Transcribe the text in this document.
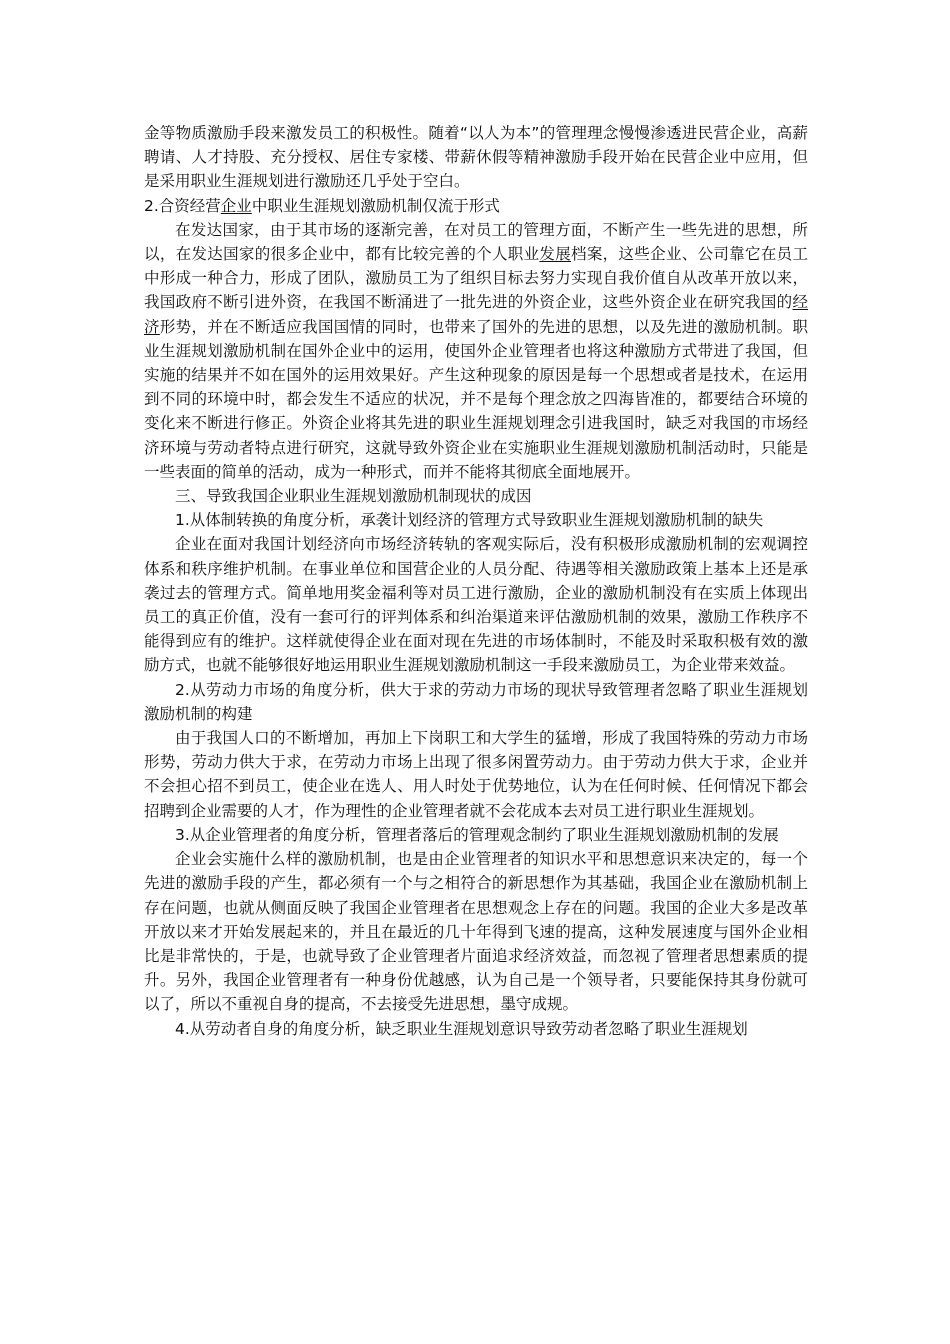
金等物质激励手段来激发员工的积极性。随着“以人为本”的管理理念慢慢渗透进民营企业，高薪聘请、人才持股、充分授权、居住专家楼、带薪休假等精神激励手段开始在民营企业中应用，但是采用职业生涯规划进行激励还几乎处于空白。

2.合资经营企业中职业生涯规划激励机制仅流于形式

在发达国家，由于其市场的逐渐完善，在对员工的管理方面，不断产生一些先进的思想，所以，在发达国家的很多企业中，都有比较完善的个人职业发展档案，这些企业、公司靠它在员工中形成一种合力，形成了团队，激励员工为了组织目标去努力实现自我价值自从改革开放以来，我国政府不断引进外资，在我国不断涌进了一批先进的外资企业，这些外资企业在研究我国的经济形势，并在不断适应我国国情的同时，也带来了国外的先进的思想，以及先进的激励机制。职业生涯规划激励机制在国外企业中的运用，使国外企业管理者也将这种激励方式带进了我国，但实施的结果并不如在国外的运用效果好。产生这种现象的原因是每一个思想或者是技术，在运用到不同的环境中时，都会发生不适应的状况，并不是每个理念放之四海皆准的，都要结合环境的变化来不断进行修正。外资企业将其先进的职业生涯规划理念引进我国时，缺乏对我国的市场经济环境与劳动者特点进行研究，这就导致外资企业在实施职业生涯规划激励机制活动时，只能是一些表面的简单的活动，成为一种形式，而并不能将其彻底全面地展开。

三、导致我国企业职业生涯规划激励机制现状的成因

1.从体制转换的角度分析，承袭计划经济的管理方式导致职业生涯规划激励机制的缺失

企业在面对我国计划经济向市场经济转轨的客观实际后，没有积极形成激励机制的宏观调控体系和秩序维护机制。在事业单位和国营企业的人员分配、待遇等相关激励政策上基本上还是承袭过去的管理方式。简单地用奖金福利等对员工进行激励，企业的激励机制没有在实质上体现出员工的真正价值，没有一套可行的评判体系和纠治渠道来评估激励机制的效果，激励工作秩序不能得到应有的维护。这样就使得企业在面对现在先进的市场体制时，不能及时采取积极有效的激励方式，也就不能够很好地运用职业生涯规划激励机制这一手段来激励员工，为企业带来效益。

2.从劳动力市场的角度分析，供大于求的劳动力市场的现状导致管理者忽略了职业生涯规划激励机制的构建

由于我国人口的不断增加，再加上下岗职工和大学生的猛增，形成了我国特殊的劳动力市场形势，劳动力供大于求，在劳动力市场上出现了很多闲置劳动力。由于劳动力供大于求，企业并不会担心招不到员工，使企业在选人、用人时处于优势地位，认为在任何时候、任何情况下都会招聘到企业需要的人才，作为理性的企业管理者就不会花成本去对员工进行职业生涯规划。

3.从企业管理者的角度分析，管理者落后的管理观念制约了职业生涯规划激励机制的发展

企业会实施什么样的激励机制，也是由企业管理者的知识水平和思想意识来决定的，每一个先进的激励手段的产生，都必须有一个与之相符合的新思想作为其基础，我国企业在激励机制上存在问题，也就从侧面反映了我国企业管理者在思想观念上存在的问题。我国的企业大多是改革开放以来才开始发展起来的，并且在最近的几十年得到飞速的提高，这种发展速度与国外企业相比是非常快的，于是，也就导致了企业管理者片面追求经济效益，而忽视了管理者思想素质的提升。另外，我国企业管理者有一种身份优越感，认为自己是一个领导者，只要能保持其身份就可以了，所以不重视自身的提高，不去接受先进思想，墨守成规。

4.从劳动者自身的角度分析，缺乏职业生涯规划意识导致劳动者忽略了职业生涯规划
